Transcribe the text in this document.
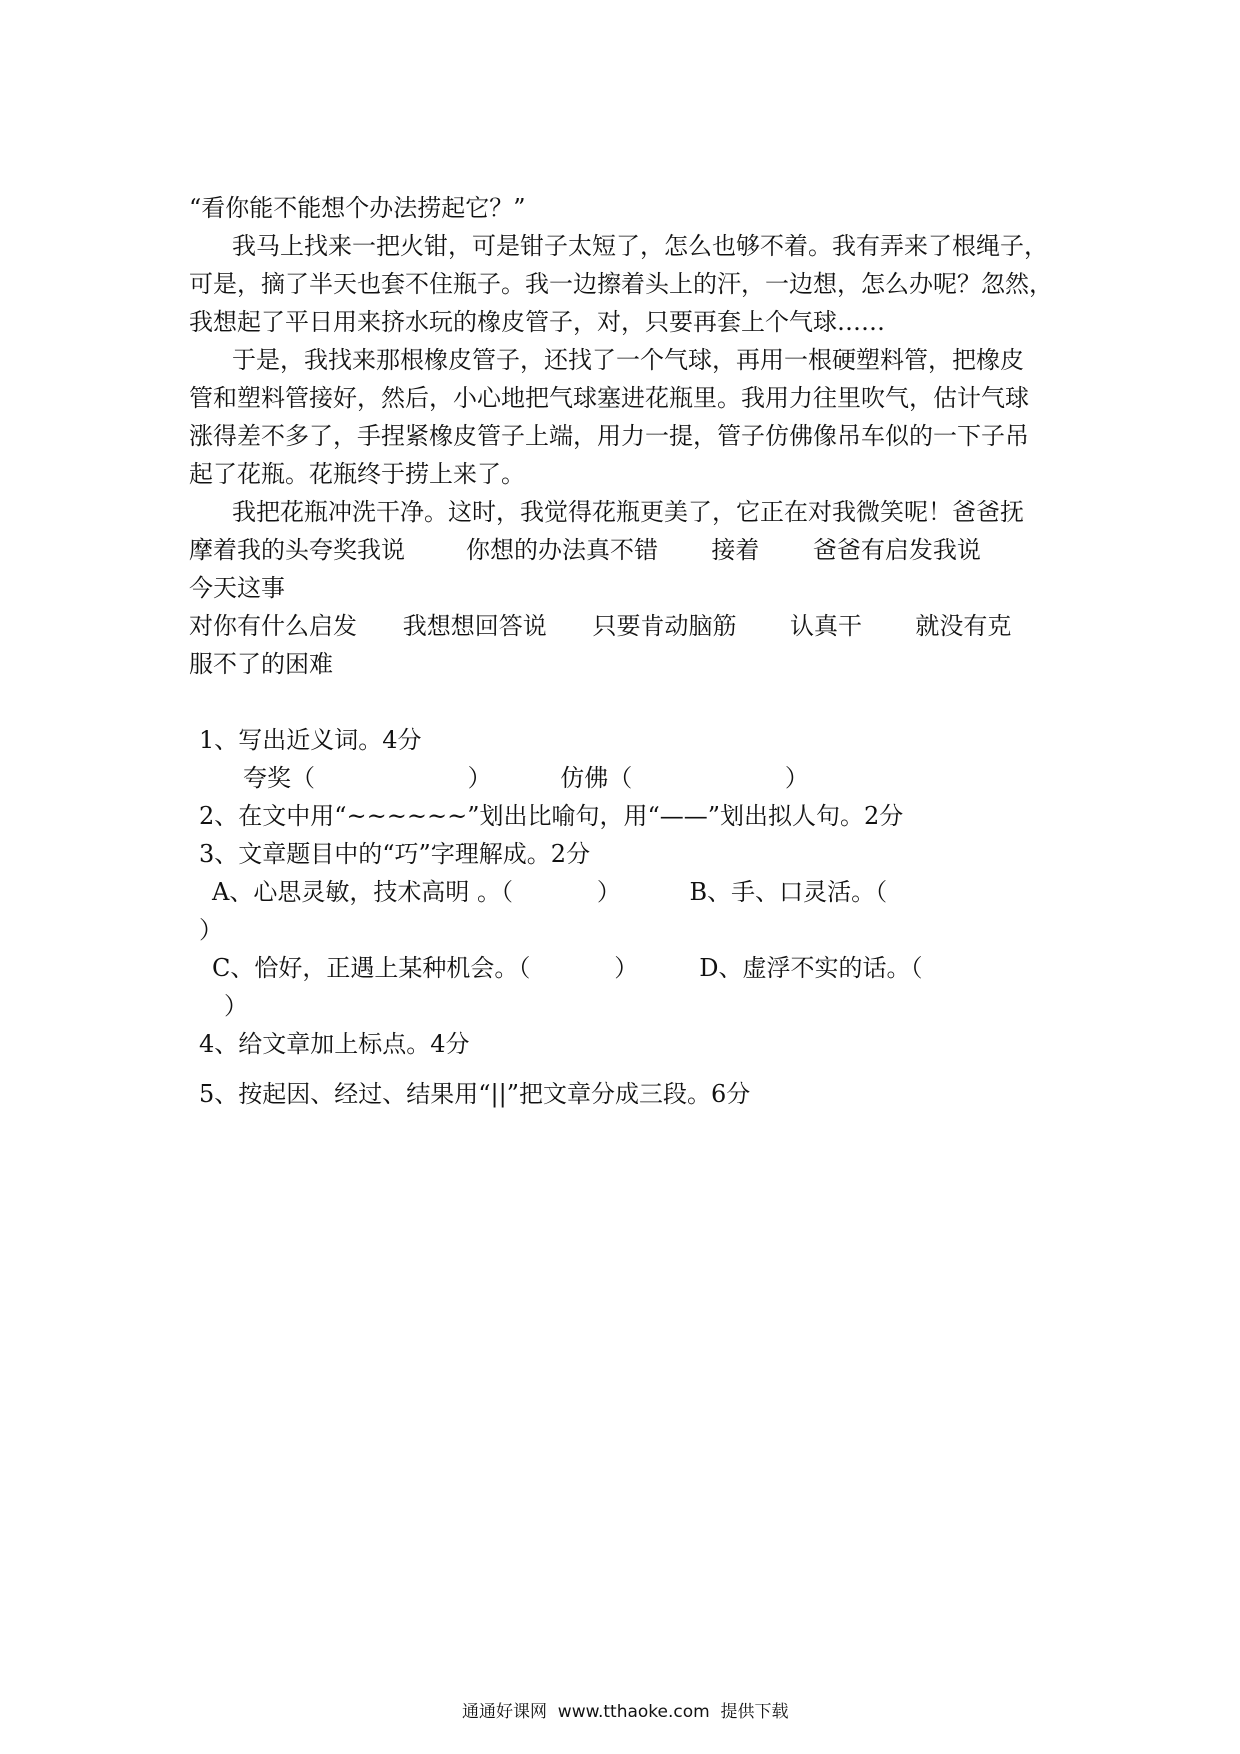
“看你能不能想个办法捞起它？”
我马上找来一把火钳，可是钳子太短了，怎么也够不着。我有弄来了根绳子，
可是，摘了半天也套不住瓶子。我一边擦着头上的汗，一边想，怎么办呢？忽然，
我想起了平日用来挤水玩的橡皮管子，对，只要再套上个气球……
于是，我找来那根橡皮管子，还找了一个气球，再用一根硬塑料管，把橡皮
管和塑料管接好，然后，小心地把气球塞进花瓶里。我用力往里吹气，估计气球
涨得差不多了，手捏紧橡皮管子上端，用力一提，管子仿佛像吊车似的一下子吊
起了花瓶。花瓶终于捞上来了。
我把花瓶冲洗干净。这时，我觉得花瓶更美了，它正在对我微笑呢！爸爸抚
摩着我的头夸奖我说        你想的办法真不错       接着       爸爸有启发我说
今天这事
对你有什么启发      我想想回答说      只要肯动脑筋       认真干       就没有克
服不了的困难
1、写出近义词。4分
夸奖（                    ）         仿佛（                    ）
2、在文中用“~~~~~~”划出比喻句，用“——”划出拟人句。2分
3、文章题目中的“巧”字理解成。2分
A、心思灵敏，技术高明 。（           ）         B、手、口灵活。（
）
C、恰好，正遇上某种机会。（           ）        D、虚浮不实的话。（
）
4、给文章加上标点。4分
5、按起因、经过、结果用“||”把文章分成三段。6分
通通好课网  www.tthaoke.com  提供下载
